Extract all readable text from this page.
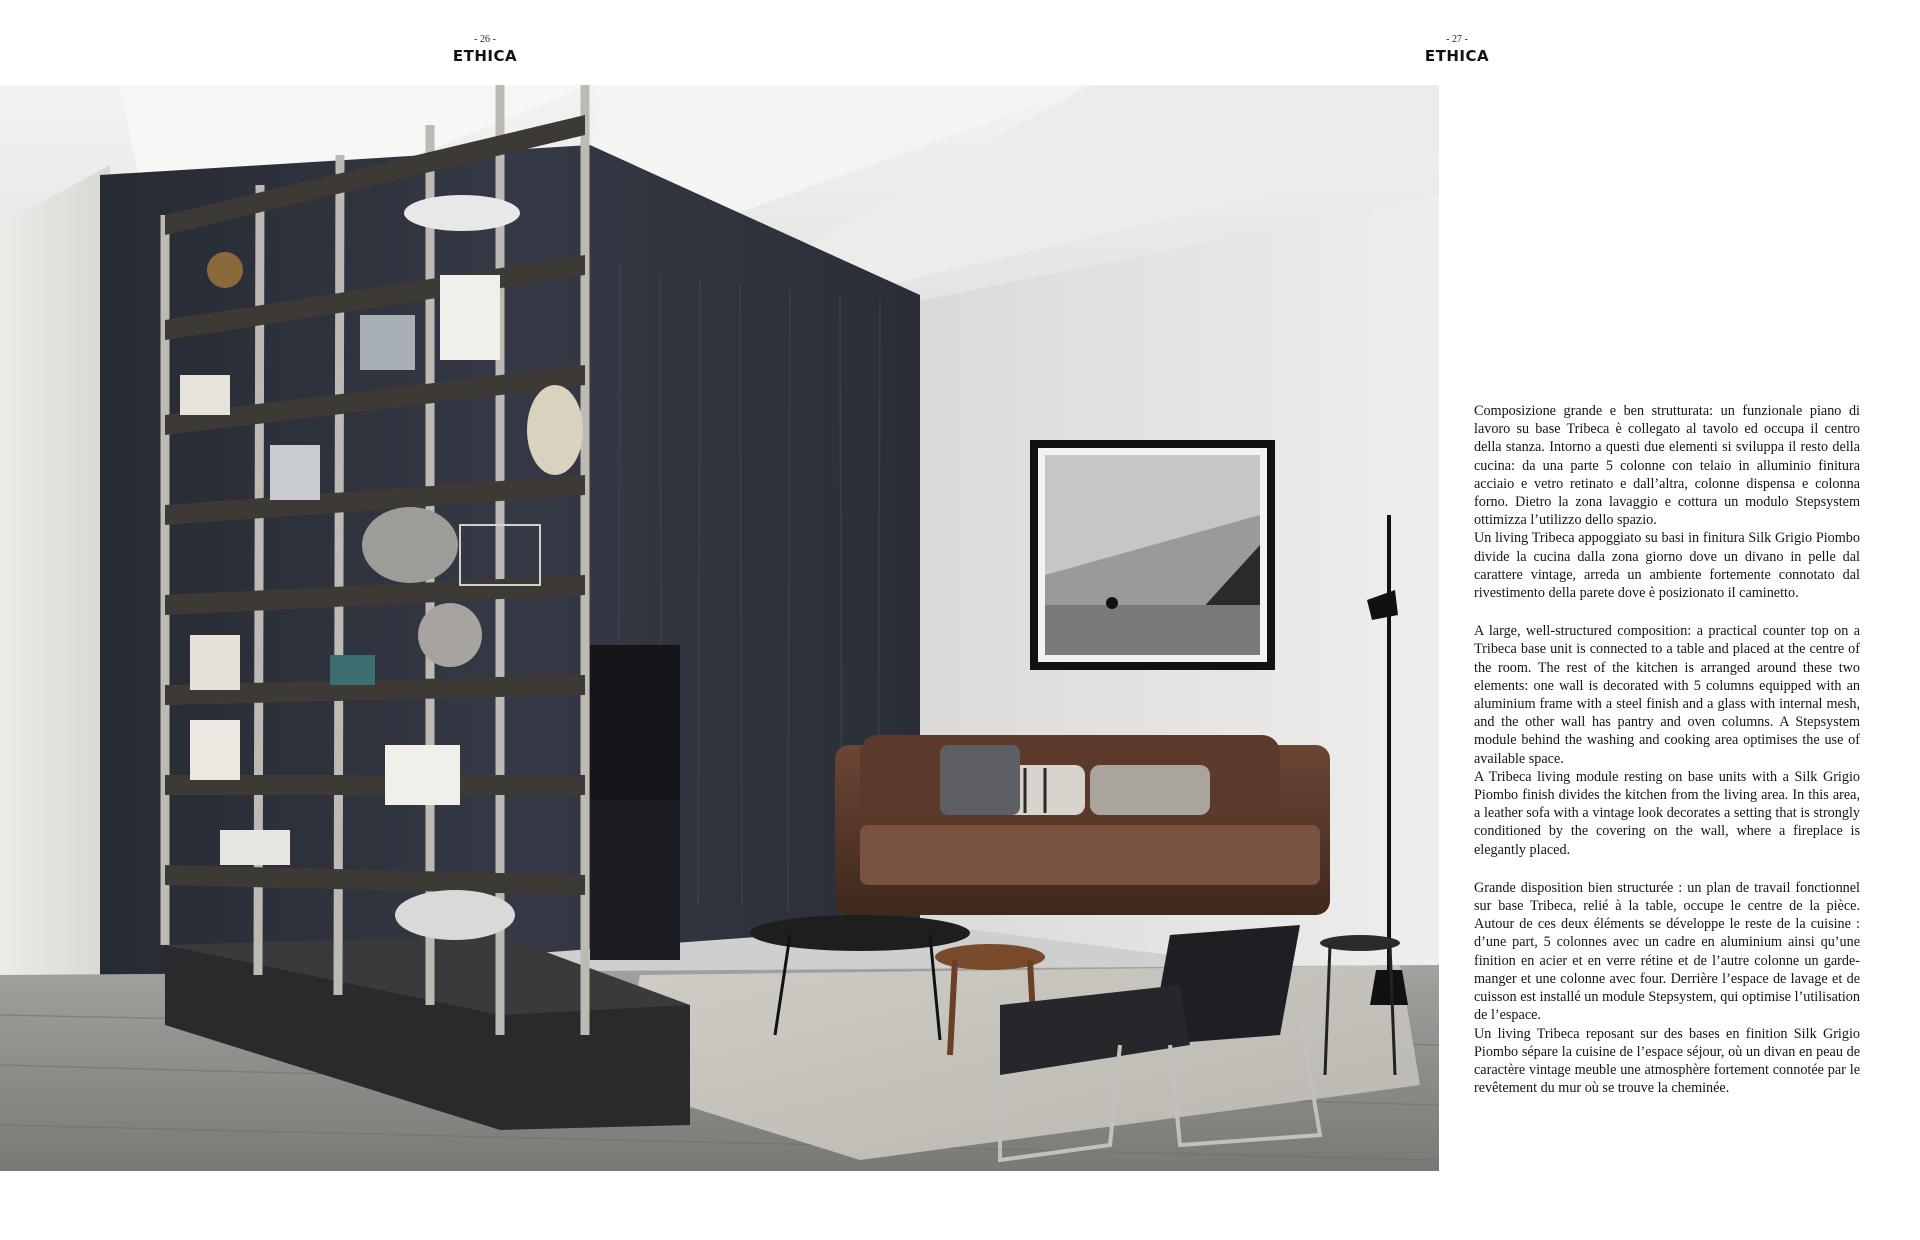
- 26 -
ETHICA
- 27 -
ETHICA

Composizione grande e ben strutturata: un funzionale piano di lavoro su base Tribeca è collegato al tavolo ed occupa il centro della stanza. Intorno a questi due elementi si sviluppa il resto della cucina: da una parte 5 colonne con telaio in alluminio finitura acciaio e vetro retinato e dall’altra, colonne dispensa e colonna forno. Dietro la zona lavaggio e cottura un modulo Stepsystem ottimizza l’utilizzo dello spazio.

Un living Tribeca appoggiato su basi in finitura Silk Grigio Piombo divide la cucina dalla zona giorno dove un divano in pelle dal carattere vintage, arreda un ambiente fortemente connotato dal rivestimento della parete dove è posizionato il caminetto.

A large, well-structured composition: a practical counter top on a Tribeca base unit is connected to a table and placed at the centre of the room. The rest of the kitchen is arranged around these two elements: one wall is decorated with 5 columns equipped with an aluminium frame with a steel finish and a glass with internal mesh, and the other wall has pantry and oven columns. A Stepsystem module behind the washing and cooking area optimises the use of available space.

A Tribeca living module resting on base units with a Silk Grigio Piombo finish divides the kitchen from the living area. In this area, a leather sofa with a vintage look decorates a setting that is strongly conditioned by the covering on the wall, where a fireplace is elegantly placed.

Grande disposition bien structurée : un plan de travail fonctionnel sur base Tribeca, relié à la table, occupe le centre de la pièce. Autour de ces deux éléments se développe le reste de la cuisine : d’une part, 5 colonnes avec un cadre en aluminium ainsi qu’une finition en acier et en verre rétine et de l’autre colonne un garde-manger et une colonne avec four. Derrière l’espace de lavage et de cuisson est installé un module Stepsystem, qui optimise l’utilisation de l’espace.

Un living Tribeca reposant sur des bases en finition Silk Grigio Piombo sépare la cuisine de l’espace séjour, où un divan en peau de caractère vintage meuble une atmosphère fortement connotée par le revêtement du mur où se trouve la cheminée.
